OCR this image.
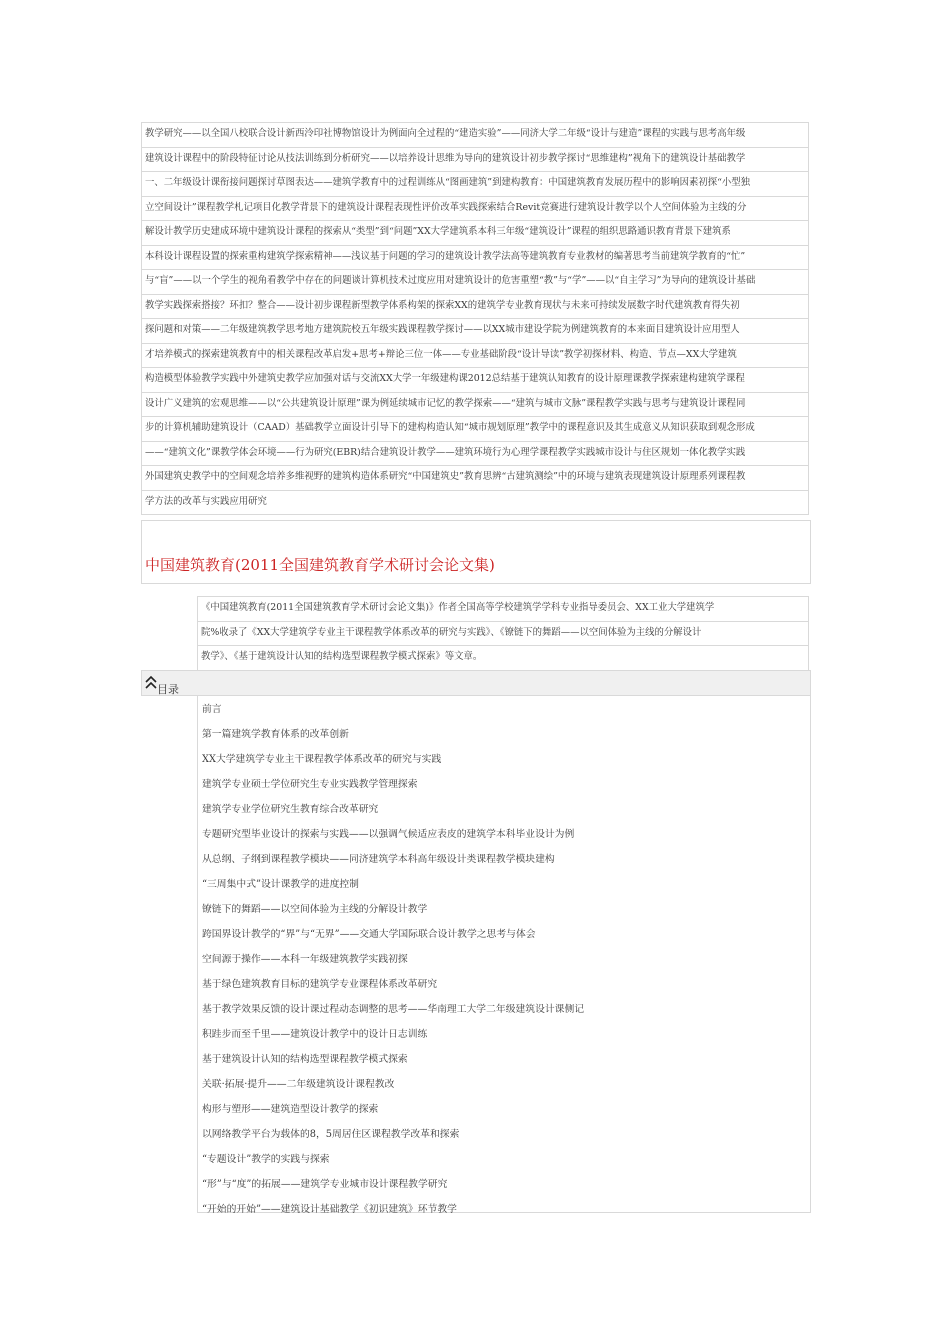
教学研究——以全国八校联合设计新西泠印社博物馆设计为例面向全过程的“建造实验”——同济大学二年级“设计与建造”课程的实践与思考高年级
建筑设计课程中的阶段特征讨论从技法训练到分析研究——以培养设计思维为导向的建筑设计初步教学探讨“思维建构”视角下的建筑设计基础教学
一、二年级设计课衔接问题探讨草图表达——建筑学教育中的过程训练从“图画建筑”到建构教育：中国建筑教育发展历程中的影响因素初探“小型独
立空间设计”课程教学札记项目化教学背景下的建筑设计课程表现性评价改革实践探索结合Revit竞赛进行建筑设计教学以个人空间体验为主线的分
解设计教学历史建成环境中建筑设计课程的探索从“类型”到“问题”XX大学建筑系本科三年级“建筑设计”课程的组织思路通识教育背景下建筑系
本科设计课程设置的探索重构建筑学探索精神——浅议基于问题的学习的建筑设计教学法高等建筑教育专业教材的编著思考当前建筑学教育的“忙”
与“盲”——以一个学生的视角看教学中存在的问题谈计算机技术过度应用对建筑设计的危害重塑“教”与“学”——以“自主学习”为导向的建筑设计基础
教学实践探索搭接？环扣？整合——设计初步课程新型教学体系构架的探索XX的建筑学专业教育现状与未来可持续发展数字时代建筑教育得失初
探问题和对策——二年级建筑教学思考地方建筑院校五年级实践课程教学探讨——以XX城市建设学院为例建筑教育的本来面目建筑设计应用型人
才培养模式的探索建筑教育中的相关课程改革启发+思考+辩论三位一体——专业基础阶段“设计导读”教学初探材料、构造、节点—XX大学建筑
构造模型体验教学实践中外建筑史教学应加强对话与交流XX大学一年级建构课2012总结基于建筑认知教育的设计原理课教学探索建构建筑学课程
设计广义建筑的宏观思维——以“公共建筑设计原理”课为例延续城市记忆的教学探索——“建筑与城市文脉”课程教学实践与思考与建筑设计课程同
步的计算机辅助建筑设计（CAAD）基础教学立面设计引导下的建构构造认知“城市规划原理”教学中的课程意识及其生成意义从知识获取到观念形成
——“建筑文化”课教学体会环境——行为研究(EBR)结合建筑设计教学——建筑环境行为心理学课程教学实践城市设计与住区规划一体化教学实践
外国建筑史教学中的空间观念培养多维视野的建筑构造体系研究“中国建筑史”教育思辨“古建筑测绘”中的环境与建筑表现建筑设计原理系列课程教
学方法的改革与实践应用研究
中国建筑教育(2011全国建筑教育学术研讨会论文集)
《中国建筑教育(2011全国建筑教育学术研讨会论文集)》作者全国高等学校建筑学学科专业指导委员会、XX工业大学建筑学
院%收录了《XX大学建筑学专业主干课程教学体系改革的研究与实践》、《镣链下的舞蹈——以空间体验为主线的分解设计
教学》、《基于建筑设计认知的结构选型课程教学模式探索》等文章。
目录
前言
第一篇建筑学教育体系的改革创新
XX大学建筑学专业主干课程教学体系改革的研究与实践
建筑学专业硕士学位研究生专业实践教学管理探索
建筑学专业学位研究生教育综合改革研究
专题研究型毕业设计的探索与实践——以强调气候适应表皮的建筑学本科毕业设计为例
从总纲、子纲到课程教学模块——同济建筑学本科高年级设计类课程教学模块建构
“三周集中式”设计课教学的进度控制
镣链下的舞蹈——以空间体验为主线的分解设计教学
跨国界设计教学的“界”与“无界”——交通大学国际联合设计教学之思考与体会
空间源于操作——本科一年级建筑教学实践初探
基于绿色建筑教育目标的建筑学专业课程体系改革研究
基于教学效果反馈的设计课过程动态调整的思考——华南理工大学二年级建筑设计课侧记
积跬步而至千里——建筑设计教学中的设计日志训练
基于建筑设计认知的结构选型课程教学模式探索
关联·拓展·提升——二年级建筑设计课程教改
构形与塑形——建筑造型设计教学的探索
以网络教学平台为载体的8，5周居住区课程教学改革和探索
“专题设计”教学的实践与探索
“形”与“度”的拓展——建筑学专业城市设计课程教学研究
“开始的开始”——建筑设计基础教学《初识建筑》环节教学
